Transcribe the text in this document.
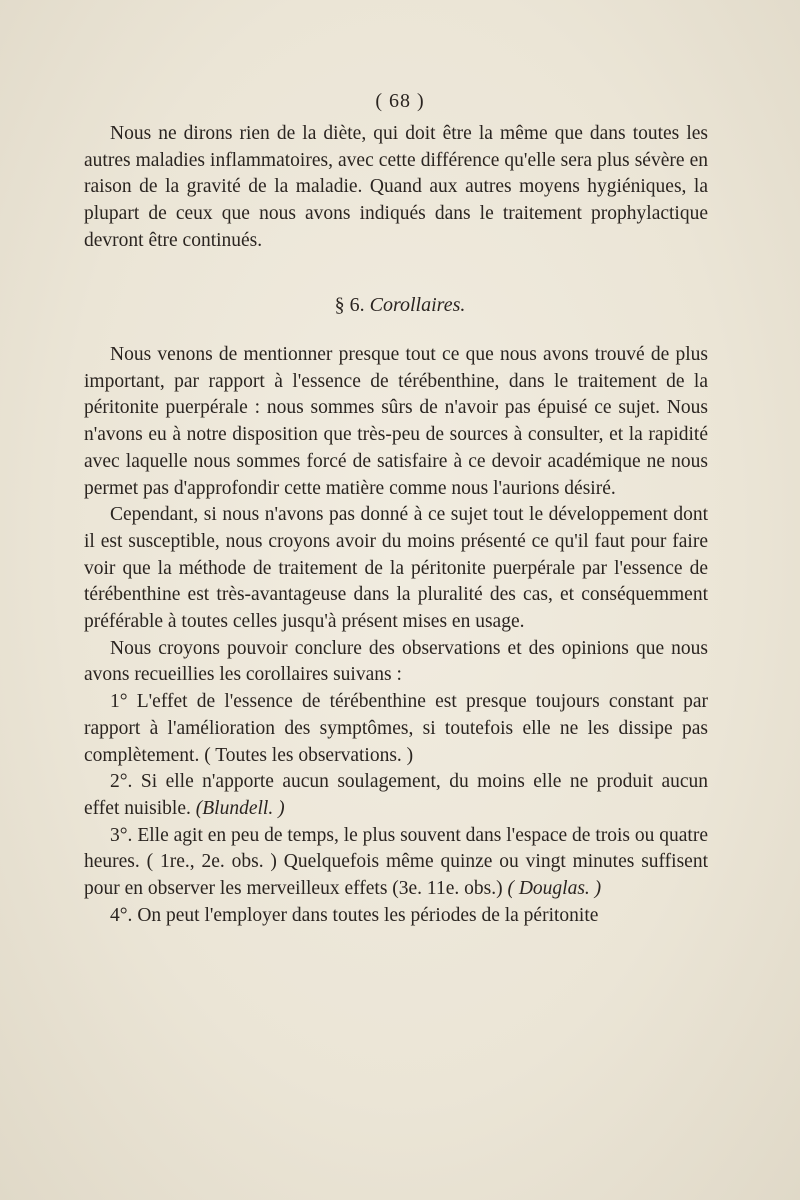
( 68 )

Nous ne dirons rien de la diète, qui doit être la même que dans toutes les autres maladies inflammatoires, avec cette différence qu'elle sera plus sévère en raison de la gravité de la maladie. Quand aux autres moyens hygiéniques, la plupart de ceux que nous avons indiqués dans le traitement prophylactique devront être continués.

§ 6. Corollaires.

Nous venons de mentionner presque tout ce que nous avons trouvé de plus important, par rapport à l'essence de térébenthine, dans le traitement de la péritonite puerpérale : nous sommes sûrs de n'avoir pas épuisé ce sujet. Nous n'avons eu à notre disposition que très-peu de sources à consulter, et la rapidité avec laquelle nous sommes forcé de satisfaire à ce devoir académique ne nous permet pas d'approfondir cette matière comme nous l'aurions désiré.

Cependant, si nous n'avons pas donné à ce sujet tout le développement dont il est susceptible, nous croyons avoir du moins présenté ce qu'il faut pour faire voir que la méthode de traitement de la péritonite puerpérale par l'essence de térébenthine est très-avantageuse dans la pluralité des cas, et conséquemment préférable à toutes celles jusqu'à présent mises en usage.

Nous croyons pouvoir conclure des observations et des opinions que nous avons recueillies les corollaires suivans :

1° L'effet de l'essence de térébenthine est presque toujours constant par rapport à l'amélioration des symptômes, si toutefois elle ne les dissipe pas complètement. ( Toutes les observations. )

2°. Si elle n'apporte aucun soulagement, du moins elle ne produit aucun effet nuisible. (Blundell. )

3°. Elle agit en peu de temps, le plus souvent dans l'espace de trois ou quatre heures. ( 1re., 2e. obs. ) Quelquefois même quinze ou vingt minutes suffisent pour en observer les merveilleux effets (3e. 11e. obs.) ( Douglas. )

4°. On peut l'employer dans toutes les périodes de la péritonite
